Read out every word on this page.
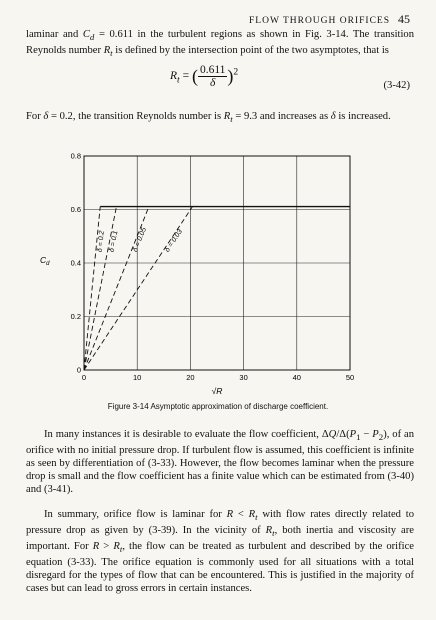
FLOW THROUGH ORIFICES 45

laminar and $C_d = 0.611$ in the turbulent regions as shown in Fig. 3-14. The transition Reynolds number $R_t$ is defined by the intersection point of the two asymptotes, that is

$R_t$ = ( $\frac{0.611}{\delta} )^2$
(3-42)

For δ = 0.2, the transition Reynolds number is $R_t = 9.3$ and increases as δ is increased.

0	10	20	30	40	50
0
0.2
0.4
0.6
0.8
δ = 0.2 δ = 0.1 δ = 0.05 δ = 0.03
√R
$C_d$
Figure 3-14 Asymptotic approximation of discharge coefficient.

In many instances it is desirable to evaluate the flow coefficient, $\Delta Q/\Delta(P_1 - P_2)$, of an orifice with no initial pressure drop. If turbulent flow is assumed, this coefficient is infinite as seen by differentiation of (3-33). However, the flow becomes laminar when the pressure drop is small and the flow coefficient has a finite value which can be estimated from (3-40) and (3-41).

In summary, orifice flow is laminar for $R < R_t$ with flow rates directly related to pressure drop as given by (3-39). In the vicinity of $R_t$, both inertia and viscosity are important. For $R > R_t$, the flow can be treated as turbulent and described by the orifice equation (3-33). The orifice equation is commonly used for all situations with a total disregard for the types of flow that can be encountered. This is justified in the majority of cases but can lead to gross errors in certain instances.
